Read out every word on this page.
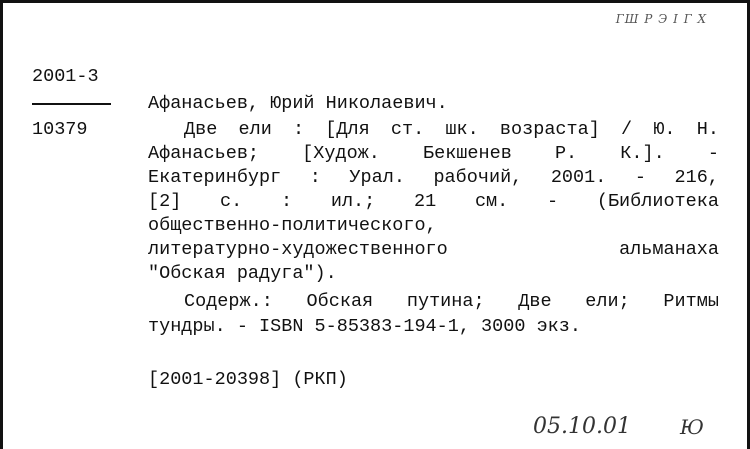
ГШ Р Э І Г Х
2001-3
Афанасьев, Юрий Николаевич.
10379	Две ели : [Для ст. шк. возраста] / Ю. Н.
Афанасьев; [Худож. Бекшенев Р. К.]. -
Екатеринбург : Урал. рабочий, 2001. - 216,
[2] с. : ил.; 21 см. - (Библиотека
общественно-политического,
литературно-художественного	альманаха
"Обская радуга").
Содерж.: Обская путина; Две ели; Ритмы
тундры. - ISBN 5-85383-194-1, 3000 экз.
[2001-20398] (РКП)
05.10.01 Ю
